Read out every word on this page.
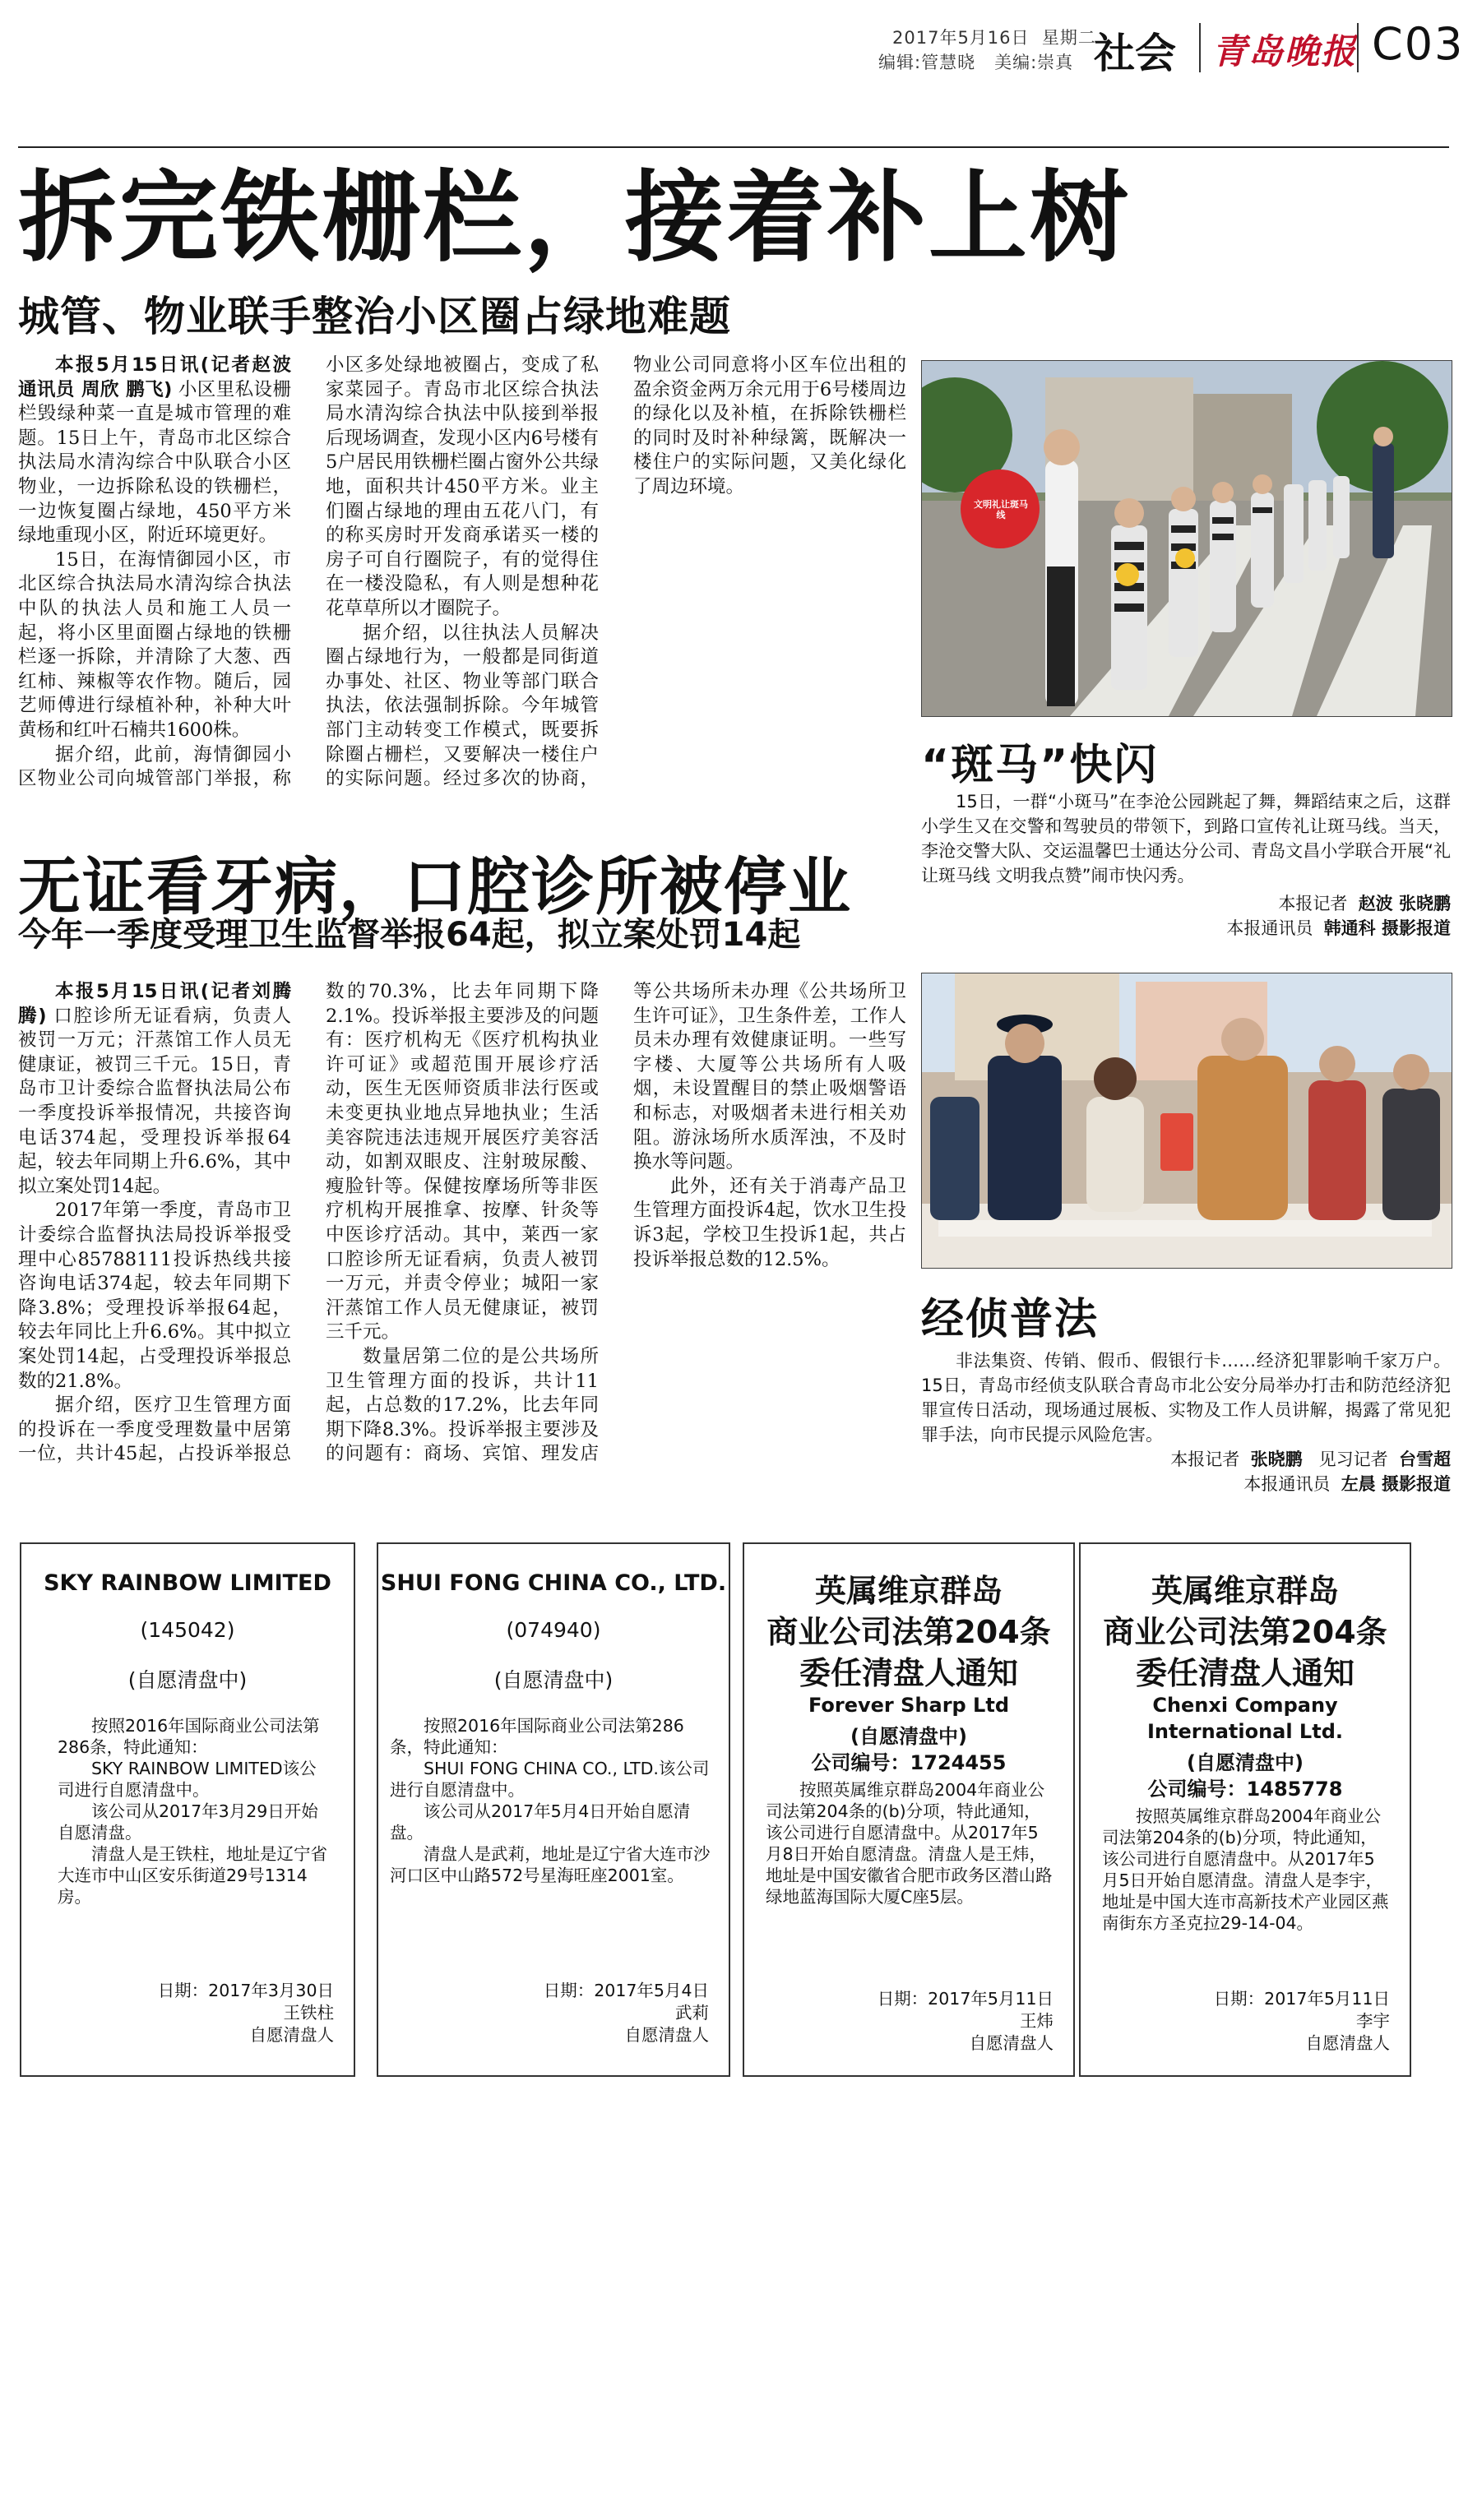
2017年5月16日 星期二
编辑:管慧晓 美编:崇真 社会 青岛晚报 C03
拆完铁栅栏，接着补上树
城管、物业联手整治小区圈占绿地难题

本报5月15日讯(记者赵波 通讯员 周欣 鹏飞) 小区里私设栅栏毁绿种菜一直是城市管理的难题。15日上午，青岛市北区综合执法局水清沟综合中队联合小区物业，一边拆除私设的铁栅栏，一边恢复圈占绿地，450平方米绿地重现小区，附近环境更好。

15日，在海情御园小区，市北区综合执法局水清沟综合执法中队的执法人员和施工人员一起，将小区里面圈占绿地的铁栅栏逐一拆除，并清除了大葱、西红柿、辣椒等农作物。随后，园艺师傅进行绿植补种，补种大叶黄杨和红叶石楠共1600株。

据介绍，此前，海情御园小区物业公司向城管部门举报，称小区多处绿地被圈占，变成了私家菜园子。青岛市北区综合执法局水清沟综合执法中队接到举报后现场调查，发现小区内6号楼有5户居民用铁栅栏圈占窗外公共绿地，面积共计450平方米。业主们圈占绿地的理由五花八门，有的称买房时开发商承诺买一楼的房子可自行圈院子，有的觉得住在一楼没隐私，有人则是想种花花草草所以才圈院子。

据介绍，以往执法人员解决圈占绿地行为，一般都是同街道办事处、社区、物业等部门联合执法，依法强制拆除。今年城管部门主动转变工作模式，既要拆除圈占栅栏，又要解决一楼住户的实际问题。经过多次的协商，物业公司同意将小区车位出租的盈余资金两万余元用于6号楼周边的绿化以及补植，在拆除铁栅栏的同时及时补种绿篱，既解决一楼住户的实际问题，又美化绿化了周边环境。

文明礼让斑马线
“斑马”快闪

15日，一群“小斑马”在李沧公园跳起了舞，舞蹈结束之后，这群小学生又在交警和驾驶员的带领下，到路口宣传礼让斑马线。当天，李沧交警大队、交运温馨巴士通达分公司、青岛文昌小学联合开展“礼让斑马线 文明我点赞”闹市快闪秀。

本报记者 赵波 张晓鹏
本报通讯员 韩通科 摄影报道
无证看牙病，口腔诊所被停业
今年一季度受理卫生监督举报64起，拟立案处罚14起

本报5月15日讯(记者刘腾腾) 口腔诊所无证看病，负责人被罚一万元；汗蒸馆工作人员无健康证，被罚三千元。15日，青岛市卫计委综合监督执法局公布一季度投诉举报情况，共接咨询电话374起，受理投诉举报64起，较去年同期上升6.6%，其中拟立案处罚14起。

2017年第一季度，青岛市卫计委综合监督执法局投诉举报受理中心85788111投诉热线共接咨询电话374起，较去年同期下降3.8%；受理投诉举报64起，较去年同比上升6.6%。其中拟立案处罚14起，占受理投诉举报总数的21.8%。

据介绍，医疗卫生管理方面的投诉在一季度受理数量中居第一位，共计45起，占投诉举报总数的70.3%，比去年同期下降2.1%。投诉举报主要涉及的问题有：医疗机构无《医疗机构执业许可证》或超范围开展诊疗活动，医生无医师资质非法行医或未变更执业地点异地执业；生活美容院违法违规开展医疗美容活动，如割双眼皮、注射玻尿酸、瘦脸针等。保健按摩场所等非医疗机构开展推拿、按摩、针灸等中医诊疗活动。其中，莱西一家口腔诊所无证看病，负责人被罚一万元，并责令停业；城阳一家汗蒸馆工作人员无健康证，被罚三千元。

数量居第二位的是公共场所卫生管理方面的投诉，共计11起，占总数的17.2%，比去年同期下降8.3%。投诉举报主要涉及的问题有：商场、宾馆、理发店等公共场所未办理《公共场所卫生许可证》，卫生条件差，工作人员未办理有效健康证明。一些写字楼、大厦等公共场所有人吸烟，未设置醒目的禁止吸烟警语和标志，对吸烟者未进行相关劝阻。游泳场所水质浑浊，不及时换水等问题。

此外，还有关于消毒产品卫生管理方面投诉4起，饮水卫生投诉3起，学校卫生投诉1起，共占投诉举报总数的12.5%。

经侦普法

非法集资、传销、假币、假银行卡……经济犯罪影响千家万户。15日，青岛市经侦支队联合青岛市北公安分局举办打击和防范经济犯罪宣传日活动，现场通过展板、实物及工作人员讲解，揭露了常见犯罪手法，向市民提示风险危害。

本报记者 张晓鹏 见习记者 台雪超
本报通讯员 左晨 摄影报道
SKY RAINBOW LIMITED
(145042)
(自愿清盘中)

按照2016年国际商业公司法第286条，特此通知：

SKY RAINBOW LIMITED该公司进行自愿清盘中。

该公司从2017年3月29日开始自愿清盘。

清盘人是王铁柱，地址是辽宁省大连市中山区安乐街道29号1314房。

日期：2017年3月30日
王铁柱
自愿清盘人
SHUI FONG CHINA CO., LTD.
(074940)
(自愿清盘中)

按照2016年国际商业公司法第286条，特此通知：

SHUI FONG CHINA CO., LTD.该公司进行自愿清盘中。

该公司从2017年5月4日开始自愿清盘。

清盘人是武莉，地址是辽宁省大连市沙河口区中山路572号星海旺座2001室。

日期：2017年5月4日
武莉
自愿清盘人
英属维京群岛
商业公司法第204条
委任清盘人通知
Forever Sharp Ltd
(自愿清盘中)
公司编号：1724455

按照英属维京群岛2004年商业公司法第204条的(b)分项，特此通知，该公司进行自愿清盘中。从2017年5月8日开始自愿清盘。清盘人是王炜，地址是中国安徽省合肥市政务区潜山路绿地蓝海国际大厦C座5层。

日期：2017年5月11日
王炜
自愿清盘人
英属维京群岛
商业公司法第204条
委任清盘人通知
Chenxi Company International Ltd.
(自愿清盘中)
公司编号：1485778

按照英属维京群岛2004年商业公司法第204条的(b)分项，特此通知，该公司进行自愿清盘中。从2017年5月5日开始自愿清盘。清盘人是李宇，地址是中国大连市高新技术产业园区燕南街东方圣克拉29-14-04。

日期：2017年5月11日
李宇
自愿清盘人
